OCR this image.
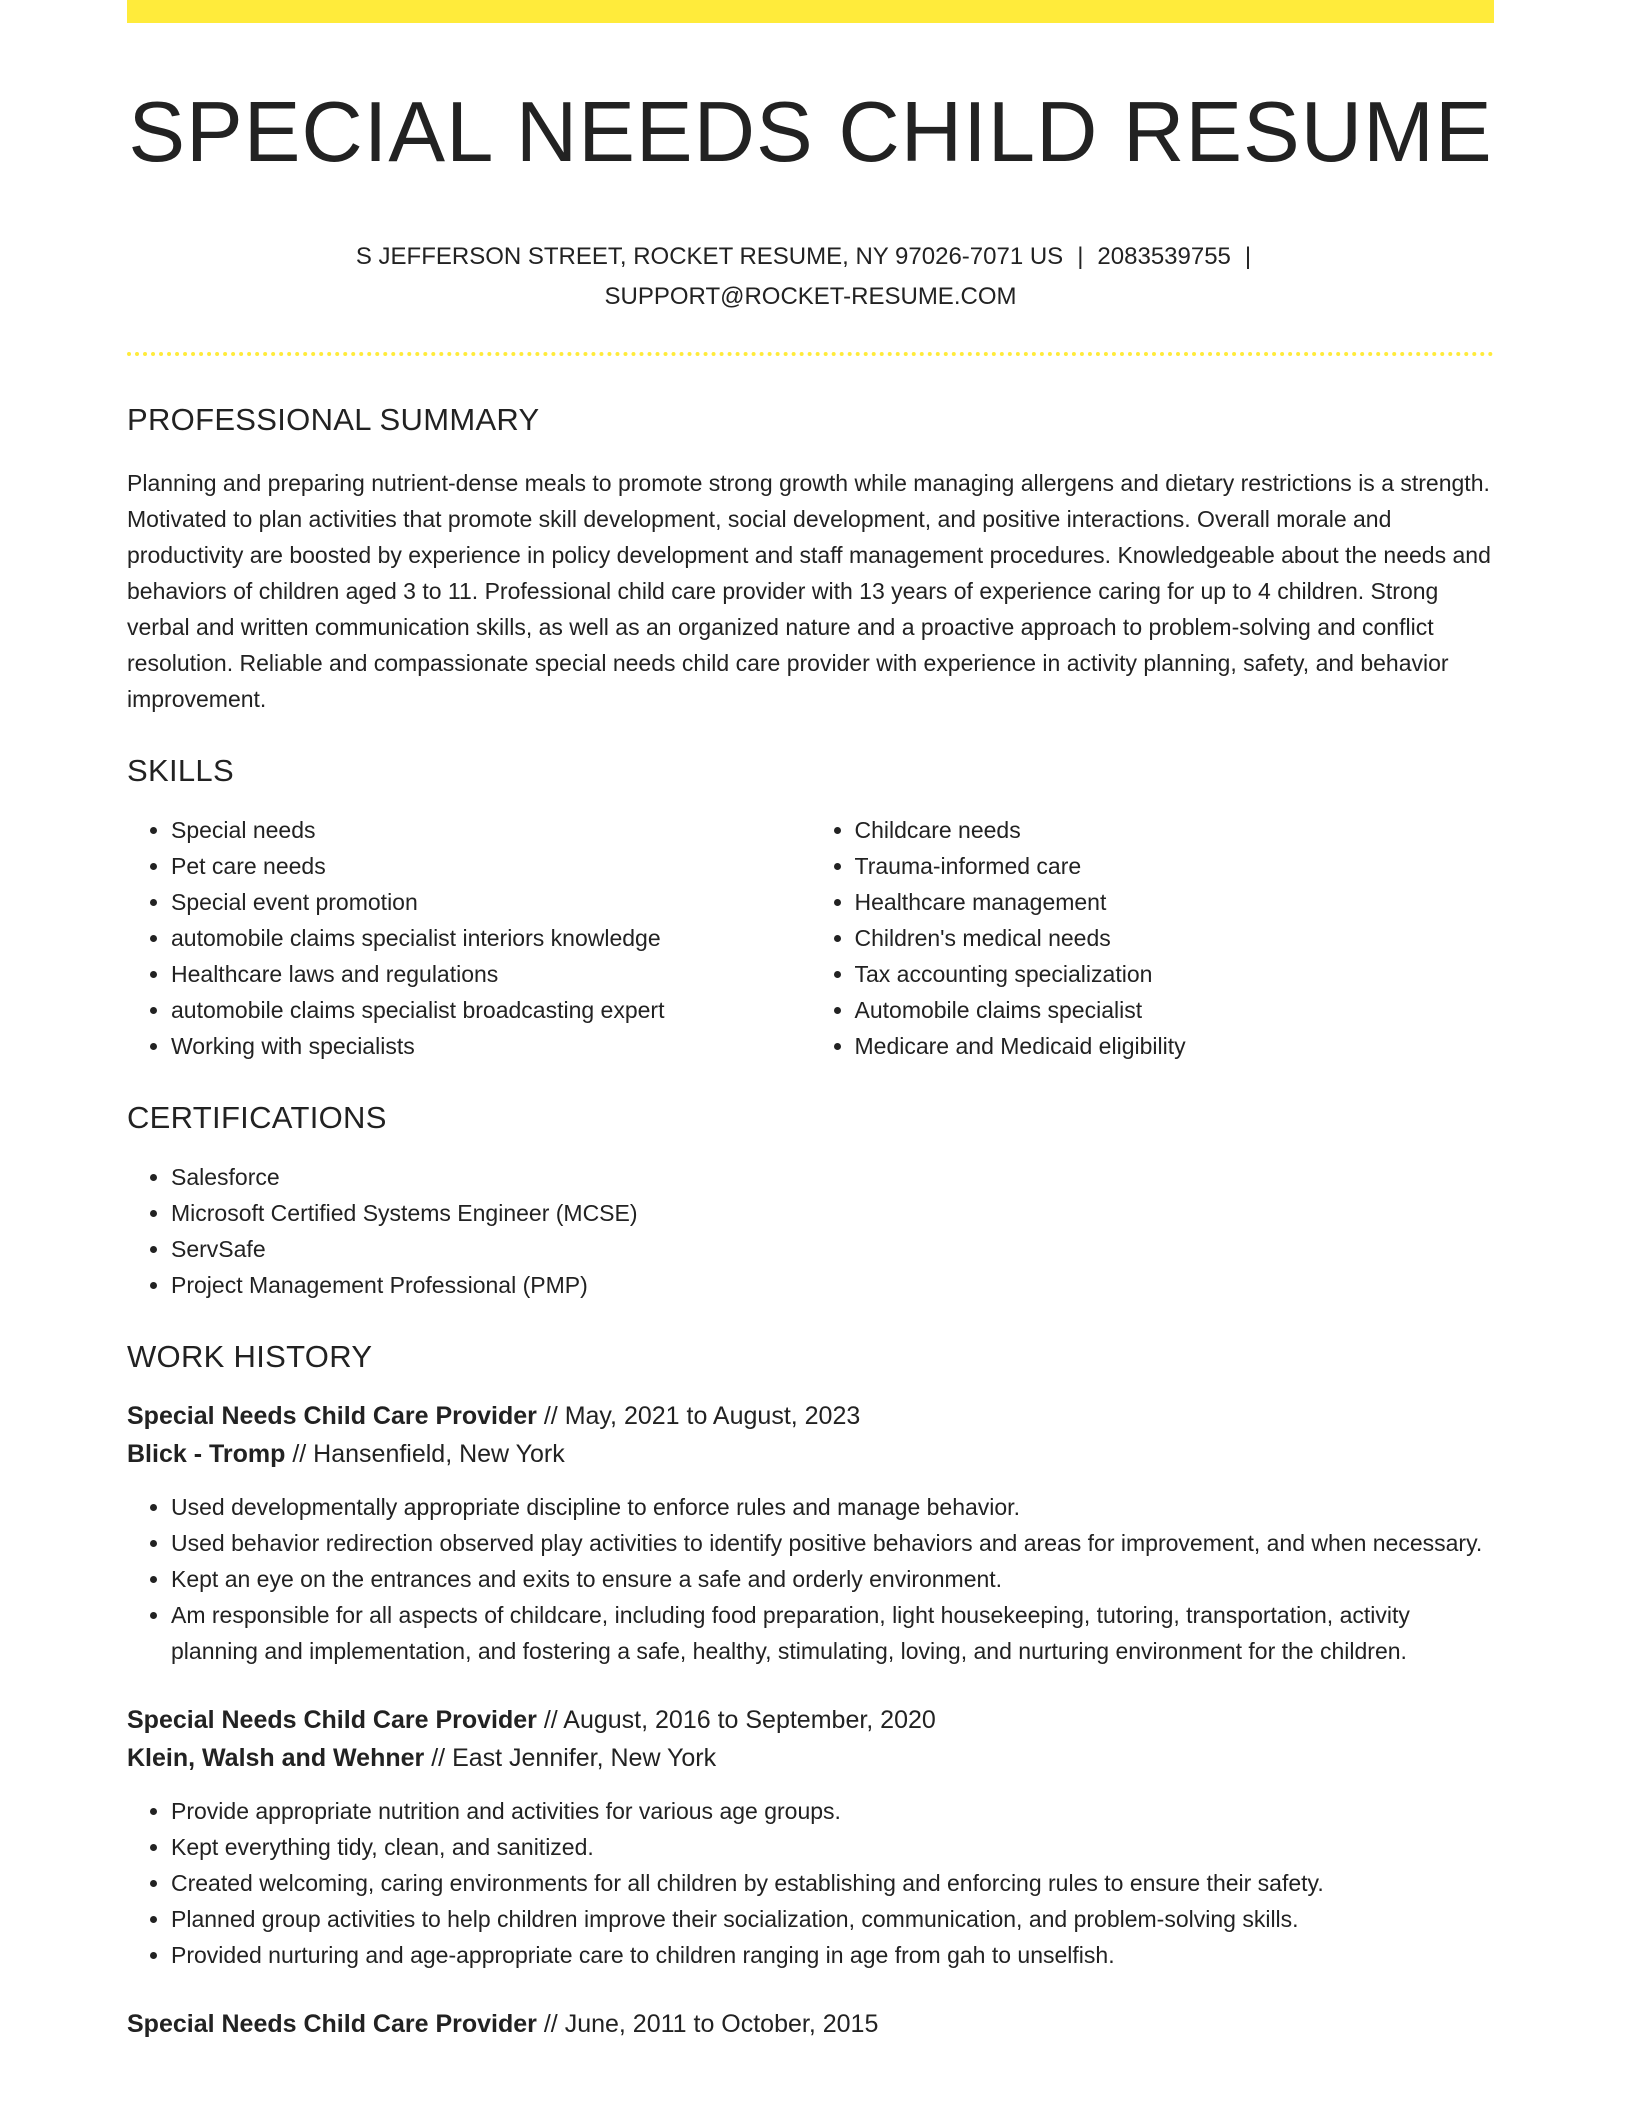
SPECIAL NEEDS CHILD RESUME
S JEFFERSON STREET, ROCKET RESUME, NY 97026-7071 US | 2083539755 |
SUPPORT@ROCKET-RESUME.COM
PROFESSIONAL SUMMARY

Planning and preparing nutrient-dense meals to promote strong growth while managing allergens and dietary restrictions is a strength. Motivated to plan activities that promote skill development, social development, and positive interactions. Overall morale and productivity are boosted by experience in policy development and staff management procedures. Knowledgeable about the needs and behaviors of children aged 3 to 11. Professional child care provider with 13 years of experience caring for up to 4 children. Strong verbal and written communication skills, as well as an organized nature and a proactive approach to problem-solving and conflict resolution. Reliable and compassionate special needs child care provider with experience in activity planning, safety, and behavior improvement.

SKILLS
• Special needs
• Pet care needs
• Special event promotion
• automobile claims specialist interiors knowledge
• Healthcare laws and regulations
• automobile claims specialist broadcasting expert
• Working with specialists
• Childcare needs
• Trauma-informed care
• Healthcare management
• Children's medical needs
• Tax accounting specialization
• Automobile claims specialist
• Medicare and Medicaid eligibility
CERTIFICATIONS
• Salesforce
• Microsoft Certified Systems Engineer (MCSE)
• ServSafe
• Project Management Professional (PMP)
WORK HISTORY
Special Needs Child Care Provider // May, 2021 to August, 2023
Blick - Tromp // Hansenfield, New York
• Used developmentally appropriate discipline to enforce rules and manage behavior.
• Used behavior redirection observed play activities to identify positive behaviors and areas for improvement, and when necessary.
• Kept an eye on the entrances and exits to ensure a safe and orderly environment.
• Am responsible for all aspects of childcare, including food preparation, light housekeeping, tutoring, transportation, activity planning and implementation, and fostering a safe, healthy, stimulating, loving, and nurturing environment for the children.
Special Needs Child Care Provider // August, 2016 to September, 2020
Klein, Walsh and Wehner // East Jennifer, New York
• Provide appropriate nutrition and activities for various age groups.
• Kept everything tidy, clean, and sanitized.
• Created welcoming, caring environments for all children by establishing and enforcing rules to ensure their safety.
• Planned group activities to help children improve their socialization, communication, and problem-solving skills.
• Provided nurturing and age-appropriate care to children ranging in age from gah to unselfish.
Special Needs Child Care Provider // June, 2011 to October, 2015
